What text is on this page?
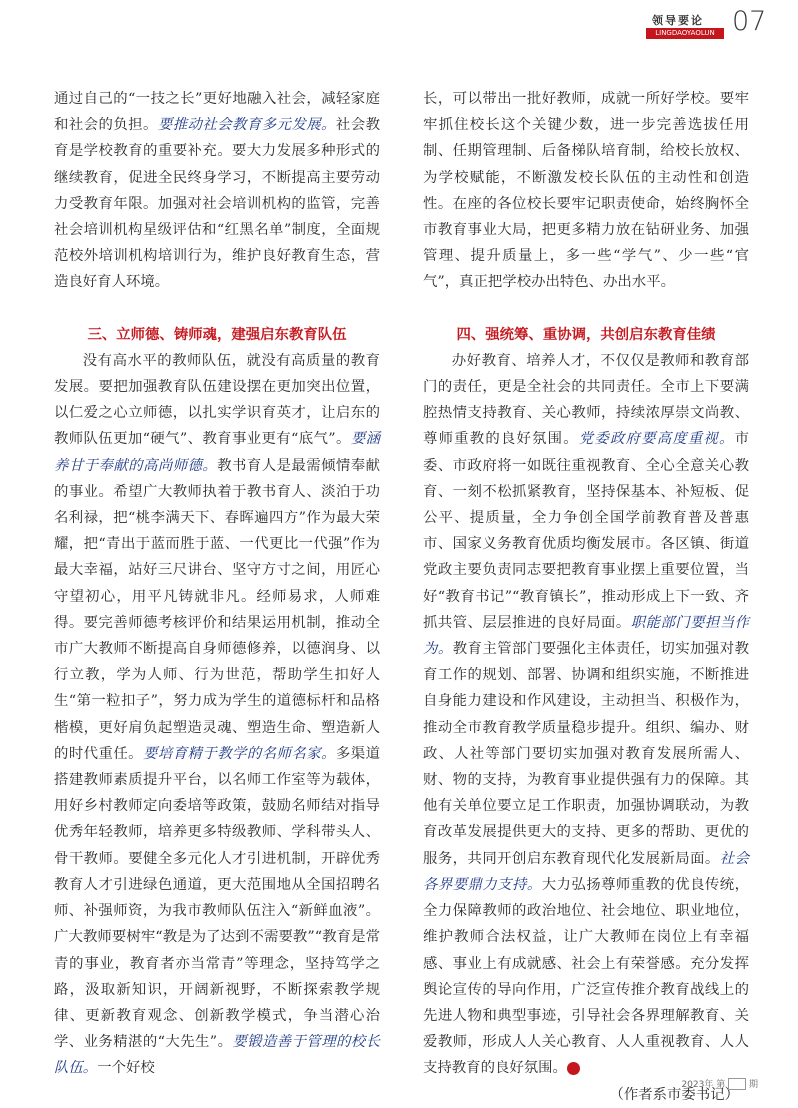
领导要论
LINGDAOYAOLUN 07

通过自己的“一技之长”更好地融入社会，减轻家庭和社会的负担。要推动社会教育多元发展。社会教育是学校教育的重要补充。要大力发展多种形式的继续教育，促进全民终身学习，不断提高主要劳动力受教育年限。加强对社会培训机构的监管，完善社会培训机构星级评估和“红黑名单”制度，全面规范校外培训机构培训行为，维护良好教育生态，营造良好育人环境。

三、立师德、铸师魂，建强启东教育队伍

没有高水平的教师队伍，就没有高质量的教育发展。要把加强教育队伍建设摆在更加突出位置，以仁爱之心立师德，以扎实学识育英才，让启东的教师队伍更加“硬气”、教育事业更有“底气”。要涵养甘于奉献的高尚师德。教书育人是最需倾情奉献的事业。希望广大教师执着于教书育人、淡泊于功名利禄，把“桃李满天下、春晖遍四方”作为最大荣耀，把“青出于蓝而胜于蓝、一代更比一代强”作为最大幸福，站好三尺讲台、坚守方寸之间，用匠心守望初心，用平凡铸就非凡。经师易求，人师难得。要完善师德考核评价和结果运用机制，推动全市广大教师不断提高自身师德修养，以德润身、以行立教，学为人师、行为世范，帮助学生扣好人生“第一粒扣子”，努力成为学生的道德标杆和品格楷模，更好肩负起塑造灵魂、塑造生命、塑造新人的时代重任。要培育精于教学的名师名家。多渠道搭建教师素质提升平台，以名师工作室等为载体，用好乡村教师定向委培等政策，鼓励名师结对指导优秀年轻教师，培养更多特级教师、学科带头人、骨干教师。要健全多元化人才引进机制，开辟优秀教育人才引进绿色通道，更大范围地从全国招聘名师、补强师资，为我市教师队伍注入“新鲜血液”。广大教师要树牢“教是为了达到不需要教”“教育是常青的事业，教育者亦当常青”等理念，坚持笃学之路，汲取新知识，开阔新视野，不断探索教学规律、更新教育观念、创新教学模式，争当潜心治学、业务精湛的“大先生”。要锻造善于管理的校长队伍。一个好校

长，可以带出一批好教师，成就一所好学校。要牢牢抓住校长这个关键少数，进一步完善选拔任用制、任期管理制、后备梯队培育制，给校长放权、为学校赋能，不断激发校长队伍的主动性和创造性。在座的各位校长要牢记职责使命，始终胸怀全市教育事业大局，把更多精力放在钻研业务、加强管理、提升质量上，多一些“学气”、少一些“官气”，真正把学校办出特色、办出水平。

四、强统筹、重协调，共创启东教育佳绩

办好教育、培养人才，不仅仅是教师和教育部门的责任，更是全社会的共同责任。全市上下要满腔热情支持教育、关心教师，持续浓厚崇文尚教、尊师重教的良好氛围。党委政府要高度重视。市委、市政府将一如既往重视教育、全心全意关心教育、一刻不松抓紧教育，坚持保基本、补短板、促公平、提质量，全力争创全国学前教育普及普惠市、国家义务教育优质均衡发展市。各区镇、街道党政主要负责同志要把教育事业摆上重要位置，当好“教育书记”“教育镇长”，推动形成上下一致、齐抓共管、层层推进的良好局面。职能部门要担当作为。教育主管部门要强化主体责任，切实加强对教育工作的规划、部署、协调和组织实施，不断推进自身能力建设和作风建设，主动担当、积极作为，推动全市教育教学质量稳步提升。组织、编办、财政、人社等部门要切实加强对教育发展所需人、财、物的支持，为教育事业提供强有力的保障。其他有关单位要立足工作职责，加强协调联动，为教育改革发展提供更大的支持、更多的帮助、更优的服务，共同开创启东教育现代化发展新局面。社会各界要鼎力支持。大力弘扬尊师重教的优良传统，全力保障教师的政治地位、社会地位、职业地位，维护教师合法权益，让广大教师在岗位上有幸福感、事业上有成就感、社会上有荣誉感。充分发挥舆论宣传的导向作用，广泛宣传推介教育战线上的先进人物和典型事迹，引导社会各界理解教育、关爱教师，形成人人关心教育、人人重视教育、人人支持教育的良好氛围。	志

（作者系市委书记）

2023年 第	期
